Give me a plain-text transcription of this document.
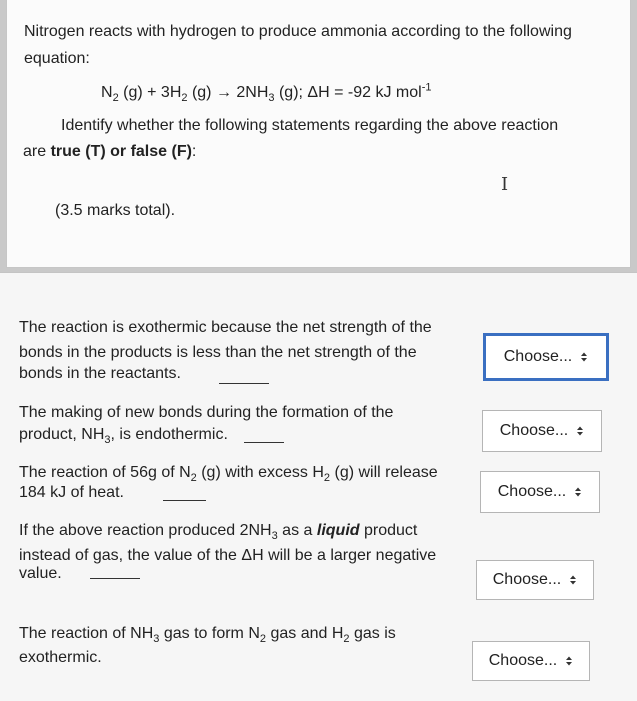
Nitrogen reacts with hydrogen to produce ammonia according to the following
equation:
$N_2$ $(g) + 3H_2$ $(g) \to 2NH_3$ (g); ΔH = -92 kJ mol$^{-1}$
Identify whether the following statements regarding the above reaction
are true (T) or false (F):
I
(3.5 marks total).
The reaction is exothermic because the net strength of the
bonds in the products is less than the net strength of the
bonds in the reactants.
Choose...
The making of new bonds during the formation of the
product, $NH_3$, is endothermic.	Choose...
The reaction of 56g of $N_2$ (g) with excess $H_2$ (g) will release
184 kJ of heat.	Choose...
If the above reaction produced $2NH_3$ as a liquid product
instead of gas, the value of the ΔH will be a larger negative
value.	Choose...
The reaction of $NH_3$ gas to form $N_2$ gas and $H_2$ gas is
exothermic.	Choose...
